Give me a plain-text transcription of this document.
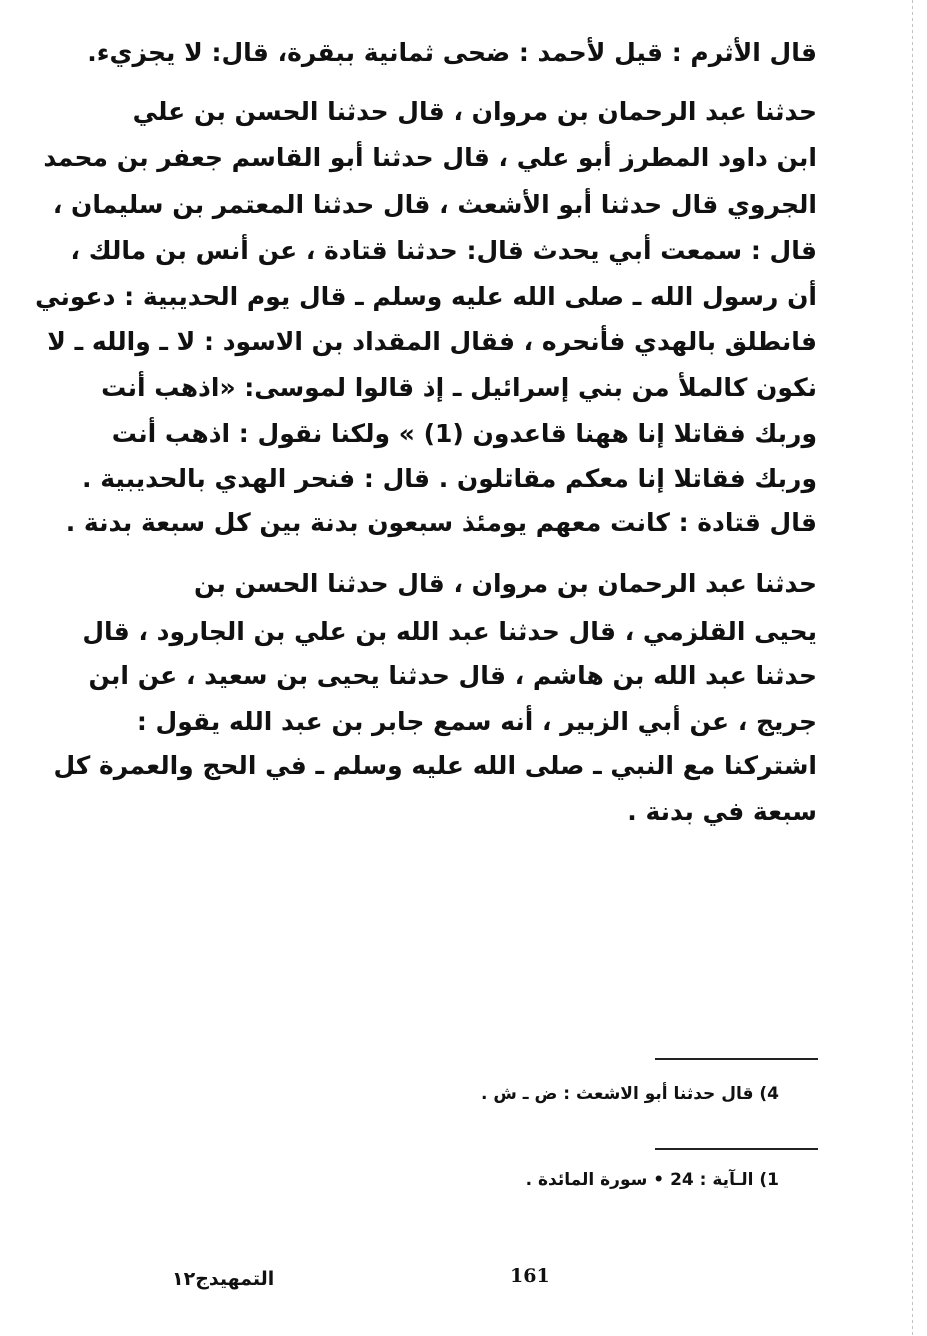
قال الأثرم : قيل لأحمد : ضحى ثمانية ببقرة، قال: لا يجزيء.
حدثنا عبد الرحمان بن مروان ، قال حدثنا الحسن بن علي
ابن داود المطرز أبو علي ، قال حدثنا أبو القاسم جعفر بن محمد
الجروي قال حدثنا أبو الأشعث ، قال حدثنا المعتمر بن سليمان ،
قال : سمعت أبي يحدث قال: حدثنا قتادة ، عن أنس بن مالك ،
أن رسول الله ـ صلى الله عليه وسلم ـ قال يوم الحديبية : دعوني
فانطلق بالهدي فأنحره ، فقال المقداد بن الاسود : لا ـ والله ـ لا
نكون كالملأ من بني إسرائيل ـ إذ قالوا لموسى: «اذهب أنت
وربك فقاتلا إنا ههنا قاعدون (1) » ولكنا نقول : اذهب أنت
وربك فقاتلا إنا معكم مقاتلون . قال : فنحر الهدي بالحديبية .
قال قتادة : كانت معهم يومئذ سبعون بدنة بين كل سبعة بدنة .
حدثنا عبد الرحمان بن مروان ، قال حدثنا الحسن بن
يحيى القلزمي ، قال حدثنا عبد الله بن علي بن الجارود ، قال
حدثنا عبد الله بن هاشم ، قال حدثنا يحيى بن سعيد ، عن ابن
جريج ، عن أبي الزبير ، أنه سمع جابر بن عبد الله يقول :
اشتركنا مع النبي ـ صلى الله عليه وسلم ـ في الحج والعمرة كل
سبعة في بدنة .
4) قال حدثنا أبو الاشعث : ض ـ ش .
1) الـآية : 24 • سورة المائدة .
161
التمهيدج١٢
